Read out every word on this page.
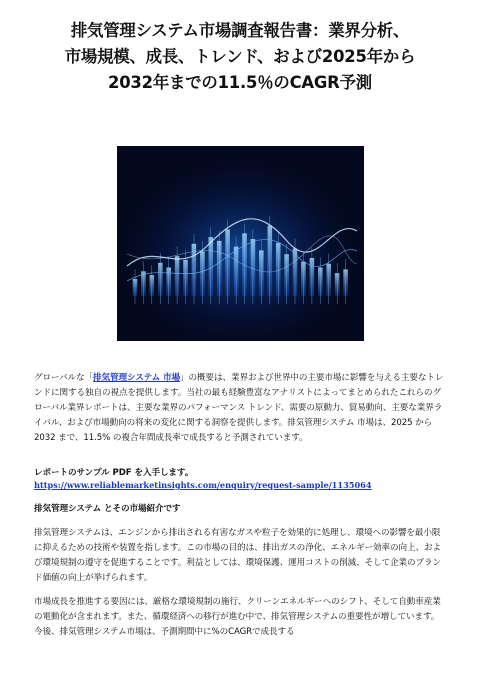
排気管理システム市場調査報告書：業界分析、
市場規模、成長、トレンド、および2025年から
2032年までの11.5％のCAGR予測
グローバルな「排気管理システム 市場」の概要は、業界および世界中の主要市場に影響を与える主要なトレンドに関する独自の視点を提供します。当社の最も経験豊富なアナリストによってまとめられたこれらのグローバル業界レポートは、主要な業界のパフォーマンス トレンド、需要の原動力、貿易動向、主要な業界ライバル、および市場動向の将来の変化に関する洞察を提供します。排気管理システム 市場は、2025 から 2032 まで、11.5% の複合年間成長率で成長すると予測されています。
レポートのサンプル PDF を入手します。
https://www.reliablemarketinsights.com/enquiry/request-sample/1135064
排気管理システム とその市場紹介です
排気管理システムは、エンジンから排出される有害なガスや粒子を効果的に処理し、環境への影響を最小限に抑えるための技術や装置を指します。この市場の目的は、排出ガスの浄化、エネルギー効率の向上、および環境規制の遵守を促進することです。利益としては、環境保護、運用コストの削減、そして企業のブランド価値の向上が挙げられます。
市場成長を推進する要因には、厳格な環境規制の施行、クリーンエネルギーへのシフト、そして自動車産業の電動化が含まれます。また、循環経済への移行が進む中で、排気管理システムの重要性が増しています。今後、排気管理システム市場は、予測期間中に%のCAGRで成長する
